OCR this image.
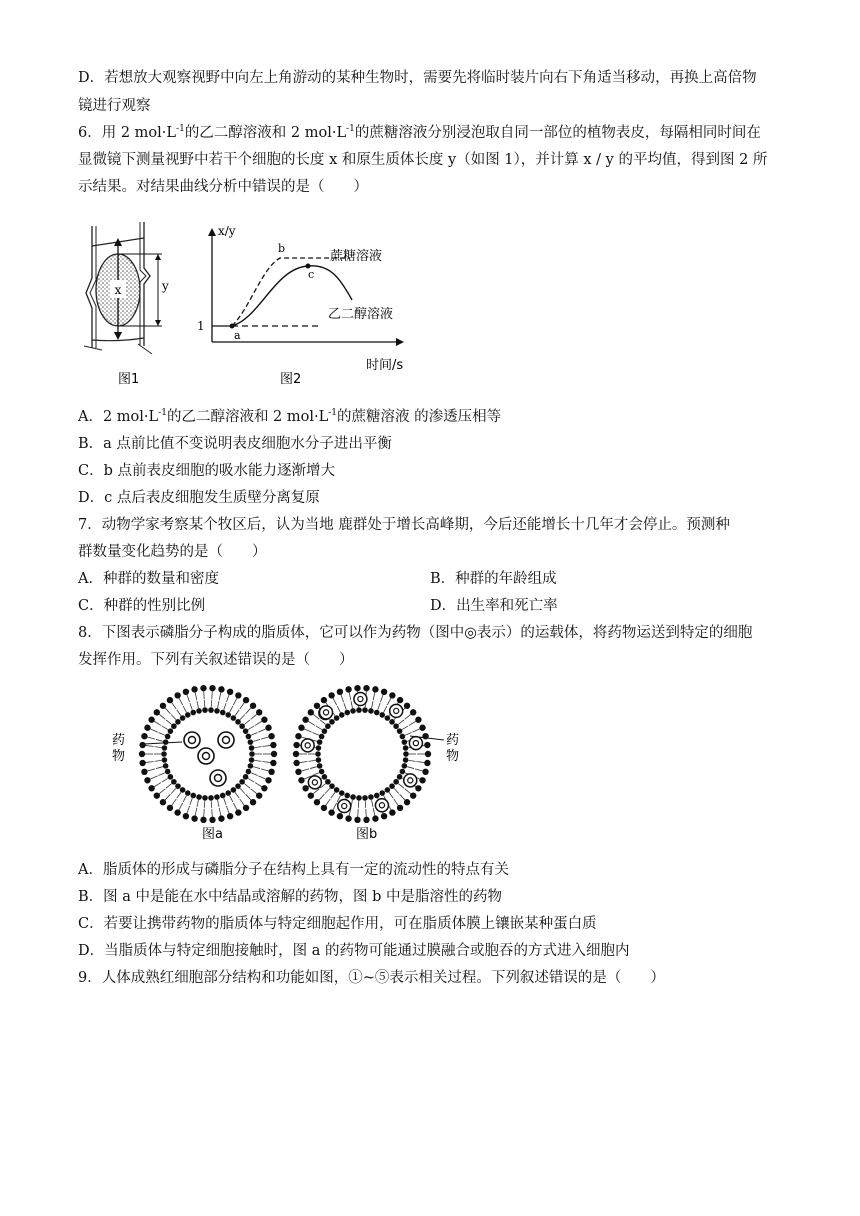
D．若想放大观察视野中向左上角游动的某种生物时，需要先将临时装片向右下角适当移动，再换上高倍物
镜进行观察
6．用 2 $mol\cdot L^{-1}$的乙二醇溶液和 2 $mol\cdot L^{-1}$的蔗糖溶液分别浸泡取自同一部位的植物表皮，每隔相同时间在
显微镜下测量视野中若干个细胞的长度 x 和原生质体长度 y（如图 1），并计算 x / y 的平均值，得到图 2 所
示结果。对结果曲线分析中错误的是（　　）
x	y
图1
x/y
时间/s
1
a
b
c
蔗糖溶液
乙二醇溶液
图2
A．2 $mol\cdot L^{-1}$的乙二醇溶液和 2 $mol\cdot L^{-1}$的蔗糖溶液 的渗透压相等
B．a 点前比值不变说明表皮细胞水分子进出平衡
C．b 点前表皮细胞的吸水能力逐渐增大
D．c 点后表皮细胞发生质壁分离复原
7．动物学家考察某个牧区后，认为当地 鹿群处于增长高峰期，今后还能增长十几年才会停止。预测种
群数量变化趋势的是（　　）
A．种群的数量和密度	B．种群的年龄组成
C．种群的性别比例	D．出生率和死亡率
8．下图表示磷脂分子构成的脂质体，它可以作为药物（图中◎表示）的运载体，将药物运送到特定的细胞
发挥作用。下列有关叙述错误的是（　　）
药
物
药
物
图a	图b
A．脂质体的形成与磷脂分子在结构上具有一定的流动性的特点有关
B．图 a 中是能在水中结晶或溶解的药物，图 b 中是脂溶性的药物
C．若要让携带药物的脂质体与特定细胞起作用，可在脂质体膜上镶嵌某种蛋白质
D．当脂质体与特定细胞接触时，图 a 的药物可能通过膜融合或胞吞的方式进入细胞内
9．人体成熟红细胞部分结构和功能如图，①~⑤表示相关过程。下列叙述错误的是（　　）
